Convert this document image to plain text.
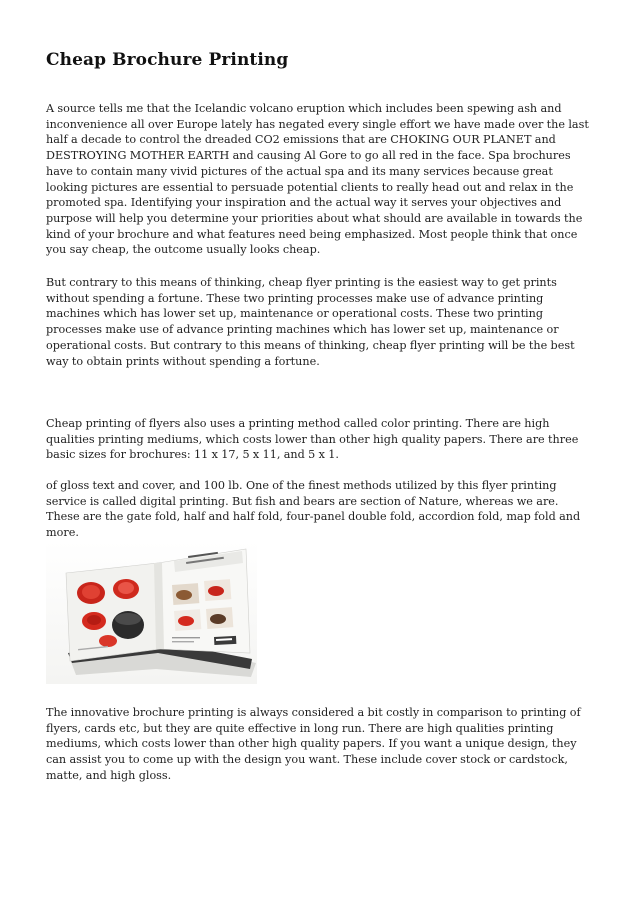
Cheap Brochure Printing

A source tells me that the Icelandic volcano eruption which includes been spewing ash and inconvenience all over Europe lately has negated every single effort we have made over the last half a decade to control the dreaded CO2 emissions that are CHOKING OUR PLANET and DESTROYING MOTHER EARTH and causing Al Gore to go all red in the face. Spa brochures have to contain many vivid pictures of the actual spa and its many services because great looking pictures are essential to persuade potential clients to really head out and relax in the promoted spa. Identifying your inspiration and the actual way it serves your objectives and purpose will help you determine your priorities about what should are available in towards the kind of your brochure and what features need being emphasized. Most people think that once you say cheap, the outcome usually looks cheap.

But contrary to this means of thinking, cheap flyer printing is the easiest way to get prints without spending a fortune. These two printing processes make use of advance printing machines which has lower set up, maintenance or operational costs. These two printing processes make use of advance printing machines which has lower set up, maintenance or operational costs. But contrary to this means of thinking, cheap flyer printing will be the best way to obtain prints without spending a fortune.

Cheap printing of flyers also uses a printing method called color printing. There are high qualities printing mediums, which costs lower than other high quality papers. There are three basic sizes for brochures: 11 x 17, 5 x 11, and 5 x 1.

of gloss text and cover, and 100 lb. One of the finest methods utilized by this flyer printing service is called digital printing. But fish and bears are section of Nature, whereas we are. These are the gate fold, half and half fold, four-panel double fold, accordion fold, map fold and more.

The innovative brochure printing is always considered a bit costly in comparison to printing of flyers, cards etc, but they are quite effective in long run. There are high qualities printing mediums, which costs lower than other high quality papers. If you want a unique design, they can assist you to come up with the design you want. These include cover stock or cardstock, matte, and high gloss.
